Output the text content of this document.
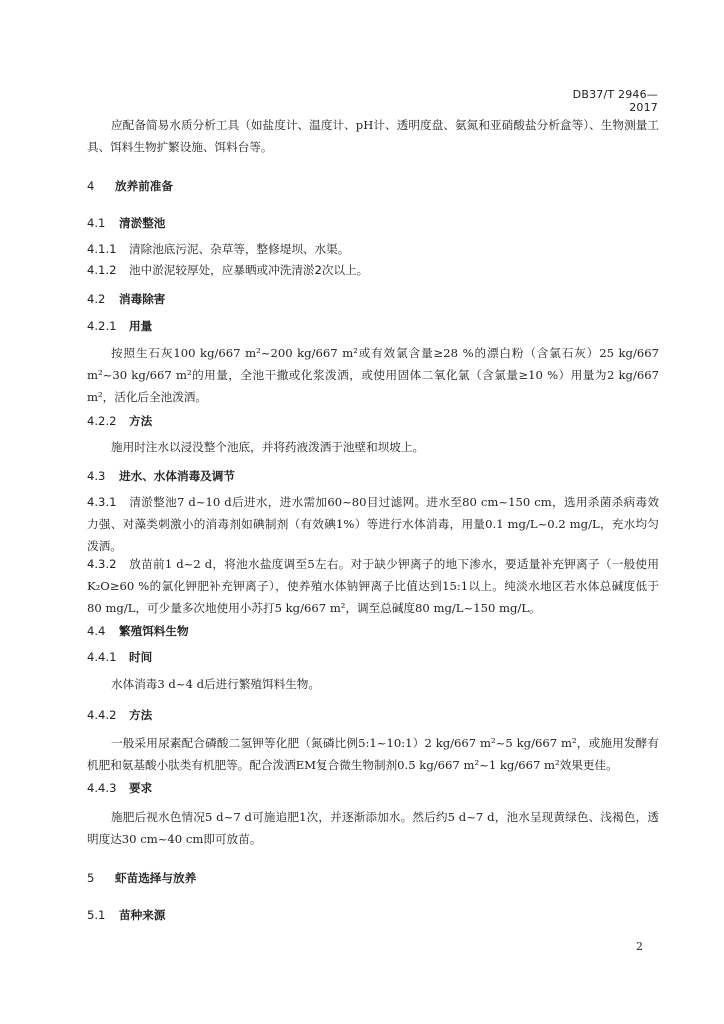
DB37/T 2946—2017
应配备简易水质分析工具（如盐度计、温度计、pH计、透明度盘、氨氮和亚硝酸盐分析盒等）、生物测量工具、饵料生物扩繁设施、饵料台等。
4 放养前准备
4.1 清淤整池
4.1.1 清除池底污泥、杂草等，整修堤坝、水渠。
4.1.2 池中淤泥较厚处，应暴晒或冲洗清淤2次以上。
4.2 消毒除害
4.2.1 用量
按照生石灰100 kg/667 m²~200 kg/667 m²或有效氯含量≥28 %的漂白粉（含氯石灰）25 kg/667 m²~30 kg/667 m²的用量，全池干撒或化浆泼洒，或使用固体二氧化氯（含氯量≥10 %）用量为2 kg/667 m²，活化后全池泼洒。
4.2.2 方法
施用时注水以浸没整个池底，并将药液泼洒于池壁和坝坡上。
4.3 进水、水体消毒及调节
4.3.1 清淤整池7 d~10 d后进水，进水需加60~80目过滤网。进水至80 cm~150 cm，选用杀菌杀病毒效力强、对藻类刺激小的消毒剂如碘制剂（有效碘1%）等进行水体消毒，用量0.1 mg/L~0.2 mg/L，充水均匀泼洒。
4.3.2 放苗前1 d~2 d，将池水盐度调至5左右。对于缺少钾离子的地下渗水，要适量补充钾离子（一般使用K₂O≥60 %的氯化钾肥补充钾离子），使养殖水体钠钾离子比值达到15:1以上。纯淡水地区若水体总碱度低于80 mg/L，可少量多次地使用小苏打5 kg/667 m²，调至总碱度80 mg/L~150 mg/L。
4.4 繁殖饵料生物
4.4.1 时间
水体消毒3 d~4 d后进行繁殖饵料生物。
4.4.2 方法
一般采用尿素配合磷酸二氢钾等化肥（氮磷比例5:1~10:1）2 kg/667 m²~5 kg/667 m²，或施用发酵有机肥和氨基酸小肽类有机肥等。配合泼洒EM复合微生物制剂0.5 kg/667 m²~1 kg/667 m²效果更佳。
4.4.3 要求
施肥后视水色情况5 d~7 d可施追肥1次，并逐渐添加水。然后约5 d~7 d，池水呈现黄绿色、浅褐色，透明度达30 cm~40 cm即可放苗。
5 虾苗选择与放养
5.1 苗种来源
2
